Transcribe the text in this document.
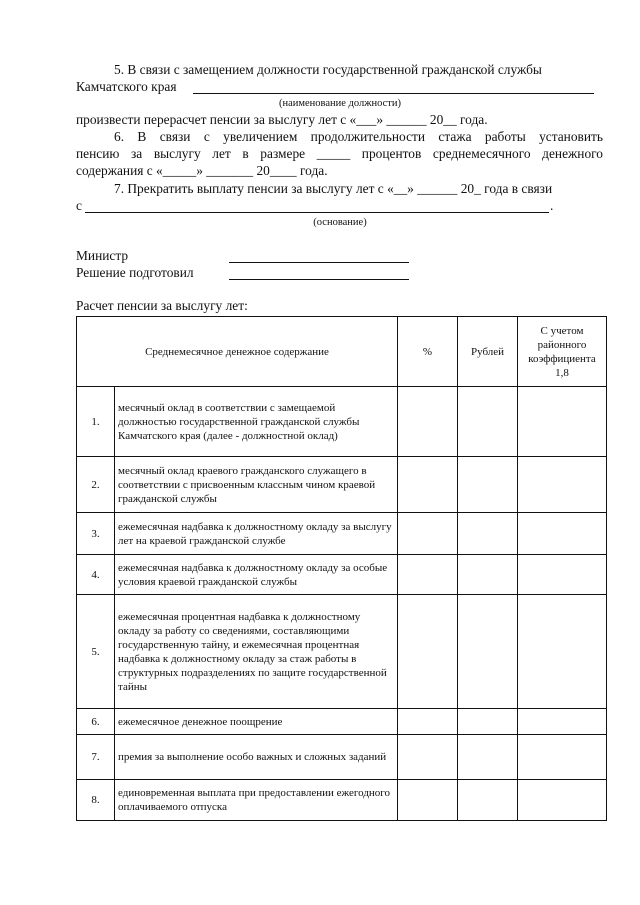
5. В связи с замещением должности государственной гражданской службы
Камчатского края
(наименование должности)
произвести перерасчет пенсии за выслугу лет с «___» ______ 20__ года.
6. В связи с увеличением продолжительности стажа работы установить
пенсию за выслугу лет в размере _____ процентов среднемесячного денежного
содержания с «_____» _______ 20____ года.
7. Прекратить выплату пенсии за выслугу лет с «__» ______ 20_ года в связи
с	.
(основание)
Министр
Решение подготовил
Расчет пенсии за выслугу лет:
Среднемесячное денежное содержание		%	Рублей	С учетом районного коэффициента 1,8
1.	месячный оклад в соответствии с замещаемой должностью государственной гражданской службы Камчатского края (далее - должностной оклад)			
2.	месячный оклад краевого гражданского служащего в соответствии с присвоенным классным чином краевой гражданской службы			
3.	ежемесячная надбавка к должностному окладу за выслугу лет на краевой гражданской службе			
4.	ежемесячная надбавка к должностному окладу за особые условия краевой гражданской службы			
5.	ежемесячная процентная надбавка к должностному окладу за работу со сведениями, составляющими государственную тайну, и ежемесячная процентная надбавка к должностному окладу за стаж работы в структурных подразделениях по защите государственной тайны			
6.	ежемесячное денежное поощрение			
7.	премия за выполнение особо важных и сложных заданий			
8.	единовременная выплата при предоставлении ежегодного оплачиваемого отпуска			
